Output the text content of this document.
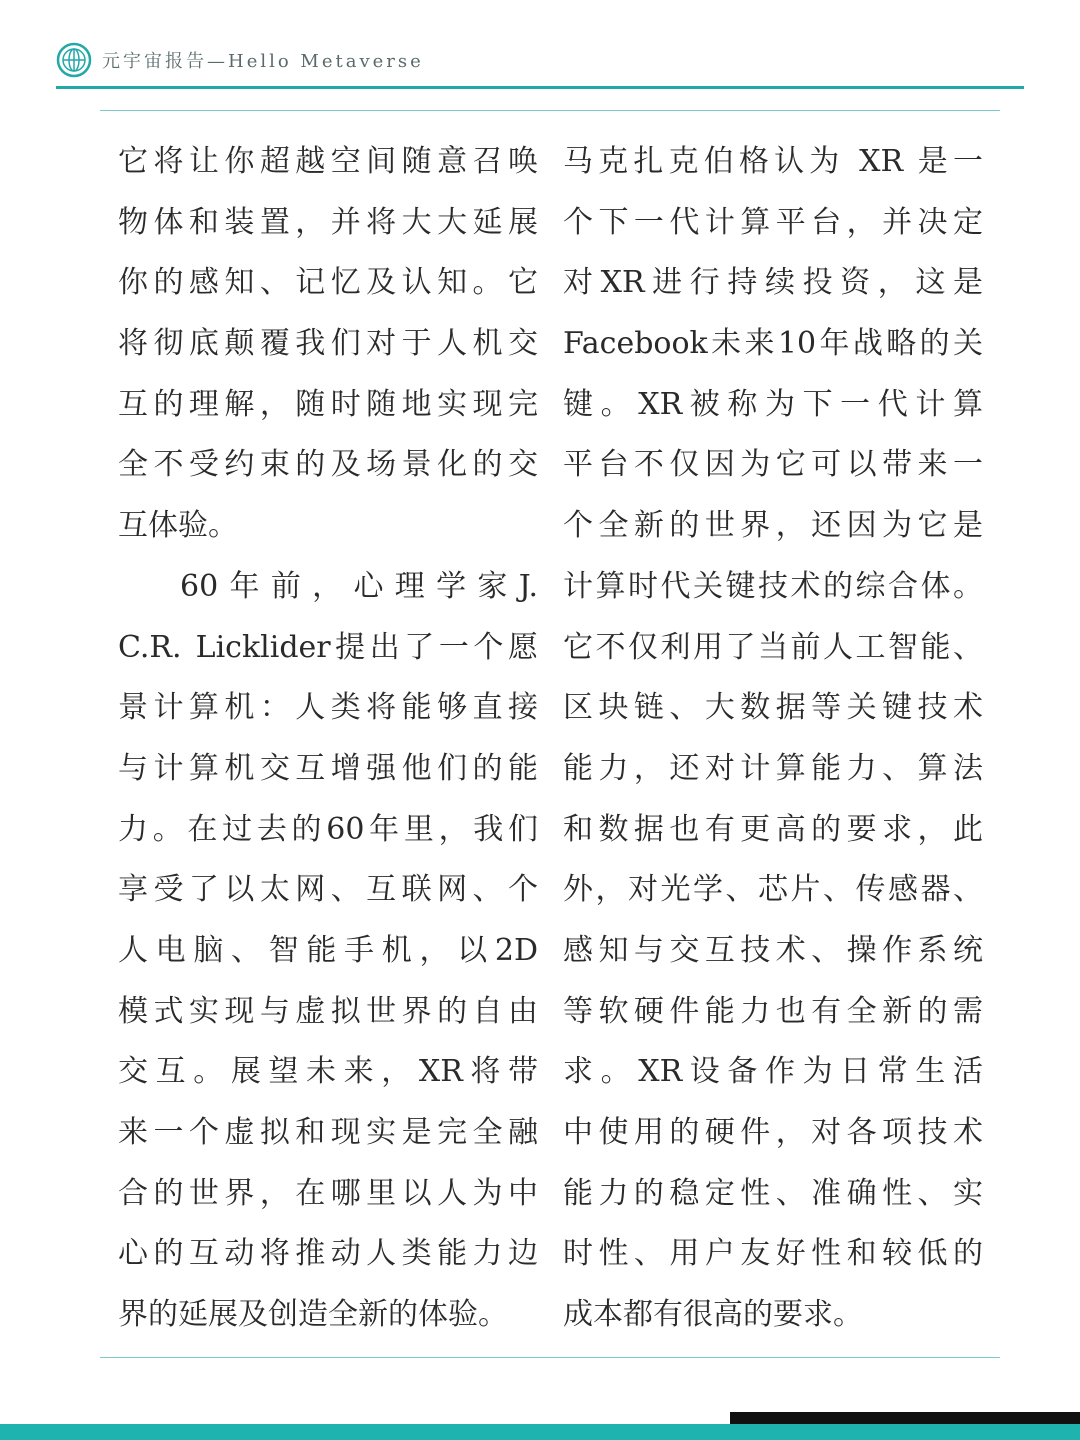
元宇宙报告—Hello Metaverse
它将让你超越空间随意召唤
物体和装置，并将大大延展
你的感知、记忆及认知。它
将彻底颠覆我们对于人机交
互的理解，随时随地实现完
全不受约束的及场景化的交
互体验。
60年前，心理学家J.
C.R. Licklider提出了一个愿
景计算机：人类将能够直接
与计算机交互增强他们的能
力。在过去的60年里，我们
享受了以太网、互联网、个
人电脑、智能手机，以2D
模式实现与虚拟世界的自由
交互。展望未来，XR将带
来一个虚拟和现实是完全融
合的世界，在哪里以人为中
心的互动将推动人类能力边
界的延展及创造全新的体验。
马克扎克伯格认为 XR 是一
个下一代计算平台，并决定
对XR进行持续投资，这是
Facebook未来10年战略的关
键。XR被称为下一代计算
平台不仅因为它可以带来一
个全新的世界，还因为它是
计算时代关键技术的综合体。
它不仅利用了当前人工智能、
区块链、大数据等关键技术
能力，还对计算能力、算法
和数据也有更高的要求，此
外，对光学、芯片、传感器、
感知与交互技术、操作系统
等软硬件能力也有全新的需
求。XR设备作为日常生活
中使用的硬件，对各项技术
能力的稳定性、准确性、实
时性、用户友好性和较低的
成本都有很高的要求。
